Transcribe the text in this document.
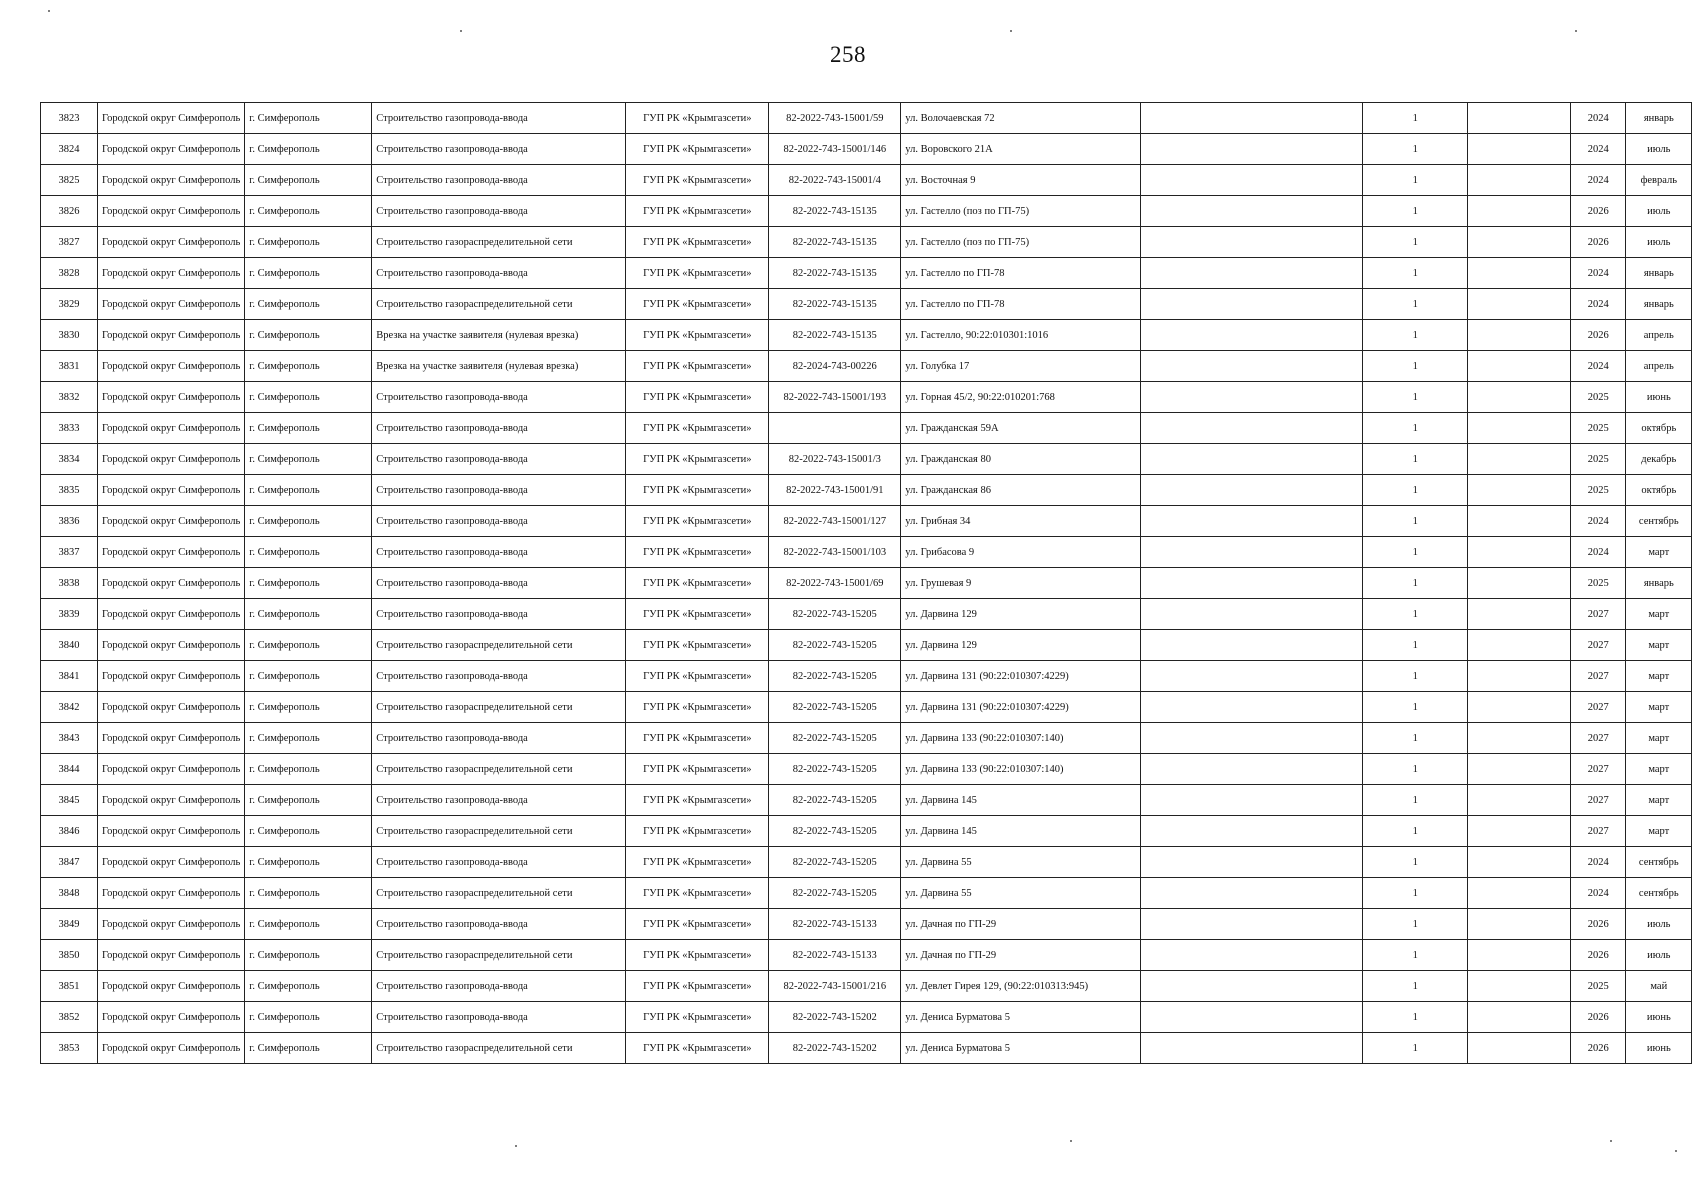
258
3823	Городской округ Симферополь	г. Симферополь	Строительство газопровода-ввода	ГУП РК «Крымгазсети»	82-2022-743-15001/59	ул. Волочаевская 72		1		2024	январь
3824	Городской округ Симферополь	г. Симферополь	Строительство газопровода-ввода	ГУП РК «Крымгазсети»	82-2022-743-15001/146	ул. Воровского 21А		1		2024	июль
3825	Городской округ Симферополь	г. Симферополь	Строительство газопровода-ввода	ГУП РК «Крымгазсети»	82-2022-743-15001/4	ул. Восточная 9		1		2024	февраль
3826	Городской округ Симферополь	г. Симферополь	Строительство газопровода-ввода	ГУП РК «Крымгазсети»	82-2022-743-15135	ул. Гастелло (поз по ГП-75)		1		2026	июль
3827	Городской округ Симферополь	г. Симферополь	Строительство газораспределительной сети	ГУП РК «Крымгазсети»	82-2022-743-15135	ул. Гастелло (поз по ГП-75)		1		2026	июль
3828	Городской округ Симферополь	г. Симферополь	Строительство газопровода-ввода	ГУП РК «Крымгазсети»	82-2022-743-15135	ул. Гастелло по ГП-78		1		2024	январь
3829	Городской округ Симферополь	г. Симферополь	Строительство газораспределительной сети	ГУП РК «Крымгазсети»	82-2022-743-15135	ул. Гастелло по ГП-78		1		2024	январь
3830	Городской округ Симферополь	г. Симферополь	Врезка на участке заявителя (нулевая врезка)	ГУП РК «Крымгазсети»	82-2022-743-15135	ул. Гастелло, 90:22:010301:1016		1		2026	апрель
3831	Городской округ Симферополь	г. Симферополь	Врезка на участке заявителя (нулевая врезка)	ГУП РК «Крымгазсети»	82-2024-743-00226	ул. Голубка 17		1		2024	апрель
3832	Городской округ Симферополь	г. Симферополь	Строительство газопровода-ввода	ГУП РК «Крымгазсети»	82-2022-743-15001/193	ул. Горная 45/2, 90:22:010201:768		1		2025	июнь
3833	Городской округ Симферополь	г. Симферополь	Строительство газопровода-ввода	ГУП РК «Крымгазсети»		ул. Гражданская 59А		1		2025	октябрь
3834	Городской округ Симферополь	г. Симферополь	Строительство газопровода-ввода	ГУП РК «Крымгазсети»	82-2022-743-15001/3	ул. Гражданская 80		1		2025	декабрь
3835	Городской округ Симферополь	г. Симферополь	Строительство газопровода-ввода	ГУП РК «Крымгазсети»	82-2022-743-15001/91	ул. Гражданская 86		1		2025	октябрь
3836	Городской округ Симферополь	г. Симферополь	Строительство газопровода-ввода	ГУП РК «Крымгазсети»	82-2022-743-15001/127	ул. Грибная 34		1		2024	сентябрь
3837	Городской округ Симферополь	г. Симферополь	Строительство газопровода-ввода	ГУП РК «Крымгазсети»	82-2022-743-15001/103	ул. Грибасова 9		1		2024	март
3838	Городской округ Симферополь	г. Симферополь	Строительство газопровода-ввода	ГУП РК «Крымгазсети»	82-2022-743-15001/69	ул. Грушевая 9		1		2025	январь
3839	Городской округ Симферополь	г. Симферополь	Строительство газопровода-ввода	ГУП РК «Крымгазсети»	82-2022-743-15205	ул. Дарвина 129		1		2027	март
3840	Городской округ Симферополь	г. Симферополь	Строительство газораспределительной сети	ГУП РК «Крымгазсети»	82-2022-743-15205	ул. Дарвина 129		1		2027	март
3841	Городской округ Симферополь	г. Симферополь	Строительство газопровода-ввода	ГУП РК «Крымгазсети»	82-2022-743-15205	ул. Дарвина 131 (90:22:010307:4229)		1		2027	март
3842	Городской округ Симферополь	г. Симферополь	Строительство газораспределительной сети	ГУП РК «Крымгазсети»	82-2022-743-15205	ул. Дарвина 131 (90:22:010307:4229)		1		2027	март
3843	Городской округ Симферополь	г. Симферополь	Строительство газопровода-ввода	ГУП РК «Крымгазсети»	82-2022-743-15205	ул. Дарвина 133 (90:22:010307:140)		1		2027	март
3844	Городской округ Симферополь	г. Симферополь	Строительство газораспределительной сети	ГУП РК «Крымгазсети»	82-2022-743-15205	ул. Дарвина 133 (90:22:010307:140)		1		2027	март
3845	Городской округ Симферополь	г. Симферополь	Строительство газопровода-ввода	ГУП РК «Крымгазсети»	82-2022-743-15205	ул. Дарвина 145		1		2027	март
3846	Городской округ Симферополь	г. Симферополь	Строительство газораспределительной сети	ГУП РК «Крымгазсети»	82-2022-743-15205	ул. Дарвина 145		1		2027	март
3847	Городской округ Симферополь	г. Симферополь	Строительство газопровода-ввода	ГУП РК «Крымгазсети»	82-2022-743-15205	ул. Дарвина 55		1		2024	сентябрь
3848	Городской округ Симферополь	г. Симферополь	Строительство газораспределительной сети	ГУП РК «Крымгазсети»	82-2022-743-15205	ул. Дарвина 55		1		2024	сентябрь
3849	Городской округ Симферополь	г. Симферополь	Строительство газопровода-ввода	ГУП РК «Крымгазсети»	82-2022-743-15133	ул. Дачная по ГП-29		1		2026	июль
3850	Городской округ Симферополь	г. Симферополь	Строительство газораспределительной сети	ГУП РК «Крымгазсети»	82-2022-743-15133	ул. Дачная по ГП-29		1		2026	июль
3851	Городской округ Симферополь	г. Симферополь	Строительство газопровода-ввода	ГУП РК «Крымгазсети»	82-2022-743-15001/216	ул. Девлет Гирея 129, (90:22:010313:945)		1		2025	май
3852	Городской округ Симферополь	г. Симферополь	Строительство газопровода-ввода	ГУП РК «Крымгазсети»	82-2022-743-15202	ул. Дениса Бурматова 5		1		2026	июнь
3853	Городской округ Симферополь	г. Симферополь	Строительство газораспределительной сети	ГУП РК «Крымгазсети»	82-2022-743-15202	ул. Дениса Бурматова 5		1		2026	июнь
